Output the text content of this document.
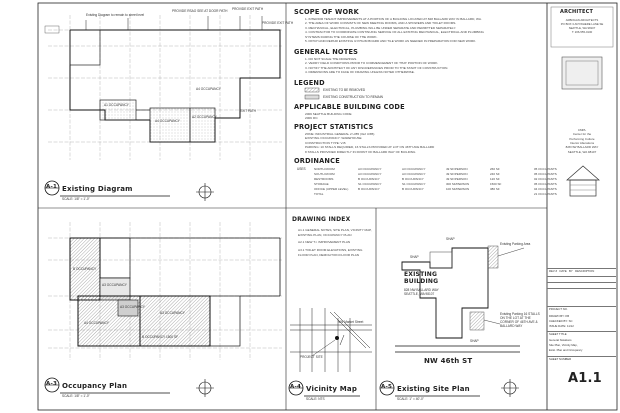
A-1 Existing Diagram
SCALE: 1/8" = 1'-0"
Existing Diagram to remain to street level
PROVIDE RSAO SEE AT DOOR PATH PROVIDE EXIT PATH
PROVIDE EXIT PATH
EXIT PATH
A1 OCCUPANCY
A4 OCCUPANCY
A2 OCCUPANCY
A4 OCCUPANCY
A-3 Occupancy Plan
SCALE: 1/8" = 1'-0"
B OCCUPANCY
A3 OCCUPANCY
A4 OCCUPANCY
A3 OCCUPANCY
A3 OCCUPANCY
B OCCUPANCY 1500 SF
SCOPE OF WORK
1. INTERIOR TENANT IMPROVEMENTS AT A PORTION OF A BUILDING LOCATED AT 828 BALLARD WAY IN BALLARD, WA.
2. THE AREA OF WORK CONSISTS OF NEW MEETING ROOMS, AND A SHOWERS AND TOILET ROOMS.
3. MECHANICAL, ELECTRICAL, PLUMBING WILL BE UNDER SEPARATE AND PERMITTED SEPARATELY.
4. CONTRACTOR TO COORDINATE CONTINUING SERVICE OF ALL EXISTING MECHANICAL, ELECTRICAL AND PLUMBING
SYSTEMS DURING THE COURSE OF THE WORK.
5. PATCH AND REPAIR EXISTING GYPSUM BOARD AND TILE WORK AS NEEDED IN PREPARATION FOR NEW WORK.
GENERAL NOTES
1. DO NOT SCALE THE DRAWINGS.
2. VERIFY FIELD CONDITIONS PRIOR TO COMMENCEMENT OF THAT PORTION OF WORK.
3. NOTIFY THE ARCHITECT OF ANY DISCREPANCIES PRIOR TO THE START OF CONSTRUCTION.
4. DIMENSIONS ARE TO FACE OF FRAMING UNLESS NOTED OTHERWISE.
LEGEND
EXISTING TO BE REMOVED
EXISTING CONSTRUCTION TO REMAIN
APPLICABLE BUILDING CODE
2009 SEATTLE BUILDING CODE
2009 IFC
PROJECT STATISTICS
ZONE: INDUSTRIAL GENERAL 2 U/85 (IG2 U/85)
EXISTING OCCUPANCY: WAREHOUSE
CONSTRUCTION TYPE: V-B
PARKING: 10 STALLS REQUIRED, 16 STALLS PROVIDED AT LOT ON 46TH AVE BALLARD
8 STALLS PROVIDED DIRECTLY IN FRONT OF BALLARD WAY OF BUILDING
ORDINANCE
USES	NORTH ROOM	A3 OCCUPANCY	A3 OCCUPANCY	49 SF/PERSON	260 SF	05 OCCUPANTS
SOUTH ROOM	A3 OCCUPANCY	A3 OCCUPANCY	49 SF/PERSON	240 SF	05 OCCUPANTS
RESTROOMS	B OCCUPANCY	B OCCUPANCY	49 SF/PERSON	120 SF	02 OCCUPANTS
STORAGE	S1 OCCUPANCY	S1 OCCUPANCY	300 SF/PERSON	1500 SF	05 OCCUPANTS
OFFICE (UPPER LEVEL)	B OCCUPANCY	B OCCUPANCY	100 SF/PERSON	380 SF	04 OCCUPANTS
TOTAL	21 OCCUPANTS
DRAWING INDEX
A1.1 GENERAL NOTES, SITE PLAN, VICINITY MAP, EXISTING PLAN, OCCUPANCY PLAN
A2.1 NEW T.I. IMPROVEMENT PLAN
A3.1 TOILET ROOM ELEVATIONS, EXISTING FLOOR PLAN, DEMOLITION FLOOR PLAN
NW Market Street
PROJECT SITE
A-4 Vicinity Map
SCALE: NTS
EXISTING BUILDING
828 NW BALLARD WAY SEATTLE, WA 98107
NW 46th ST
Existing Parking Area
Existing Parking 16 STALLS ON THE LOT AT THE CORNER OF 46TH AVE & BALLARD WAY
SHAP
SHAP
SHAP
A-5 Existing Site Plan
SCALE: 1" = 40'-0"
ARCHITECT
ARBOGAN ARCHITECTS
PO BOX 3 ANYWHERE LANE SE
SEATTLE, WA 98107
T: 206-555-0100
CMPL
Center for the
Performing Culture
Interior Alterations
828 NW BALLARD WAY
SEATTLE, WA 98107
REV # DATE BY DESCRIPTION
PROJECT NO.
DRAWN BY: KB
CHECKED BY: SC
ISSUE DATE: 11/12
SHEET TITLE
General Notations
Site Plan, Vicinity Map,
Exist. Plan and Occupancy
SHEET NUMBER
A1.1
